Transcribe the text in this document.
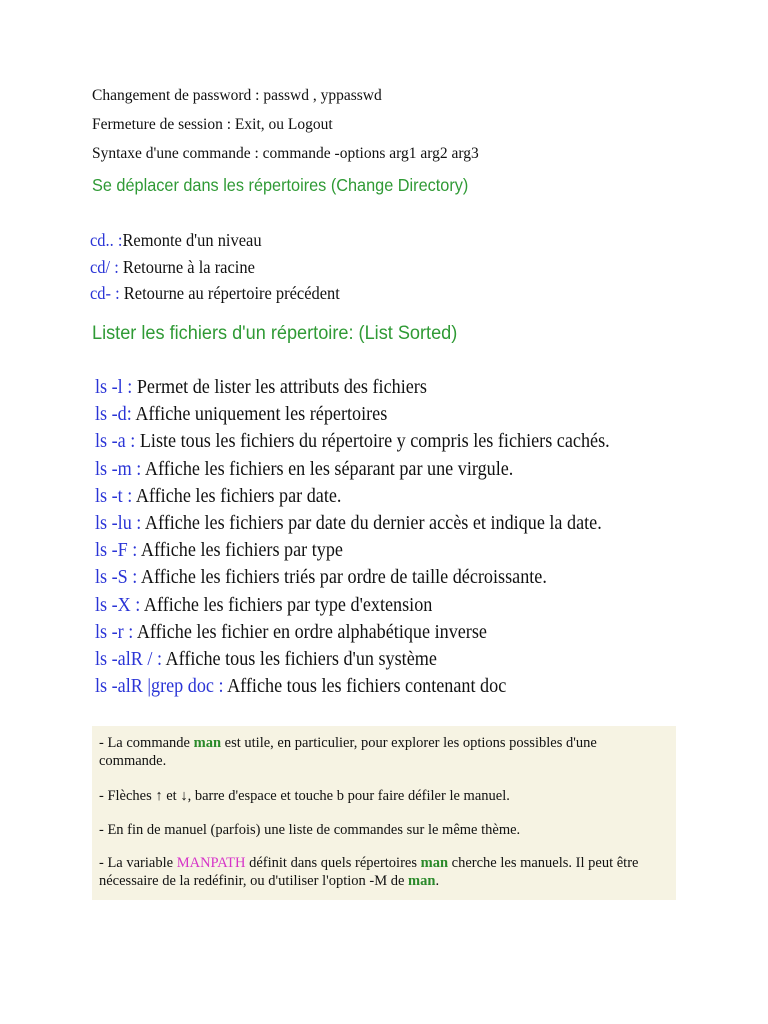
Changement de password : passwd , yppasswd
Fermeture de session : Exit, ou Logout
Syntaxe d'une commande : commande -options arg1 arg2 arg3
Se déplacer dans les répertoires (Change Directory)
cd.. :Remonte d'un niveau
cd/ : Retourne à la racine
cd- : Retourne au répertoire précédent
Lister les fichiers d'un répertoire: (List Sorted)
ls -l : Permet de lister les attributs des fichiers
ls -d: Affiche uniquement les répertoires
ls -a : Liste tous les fichiers du répertoire y compris les fichiers cachés.
ls -m : Affiche les fichiers en les séparant par une virgule.
ls -t : Affiche les fichiers par date.
ls -lu : Affiche les fichiers par date du dernier accès et indique la date.
ls -F : Affiche les fichiers par type
ls -S : Affiche les fichiers triés par ordre de taille décroissante.
ls -X : Affiche les fichiers par type d'extension
ls -r : Affiche les fichier en ordre alphabétique inverse
ls -alR / : Affiche tous les fichiers d'un système
ls -alR |grep doc : Affiche tous les fichiers contenant doc

- La commande man est utile, en particulier, pour explorer les options possibles d'une commande.

- Flèches ↑ et ↓, barre d'espace et touche b pour faire défiler le manuel.

- En fin de manuel (parfois) une liste de commandes sur le même thème.

- La variable MANPATH définit dans quels répertoires man cherche les manuels. Il peut être nécessaire de la redéfinir, ou d'utiliser l'option -M de man.
